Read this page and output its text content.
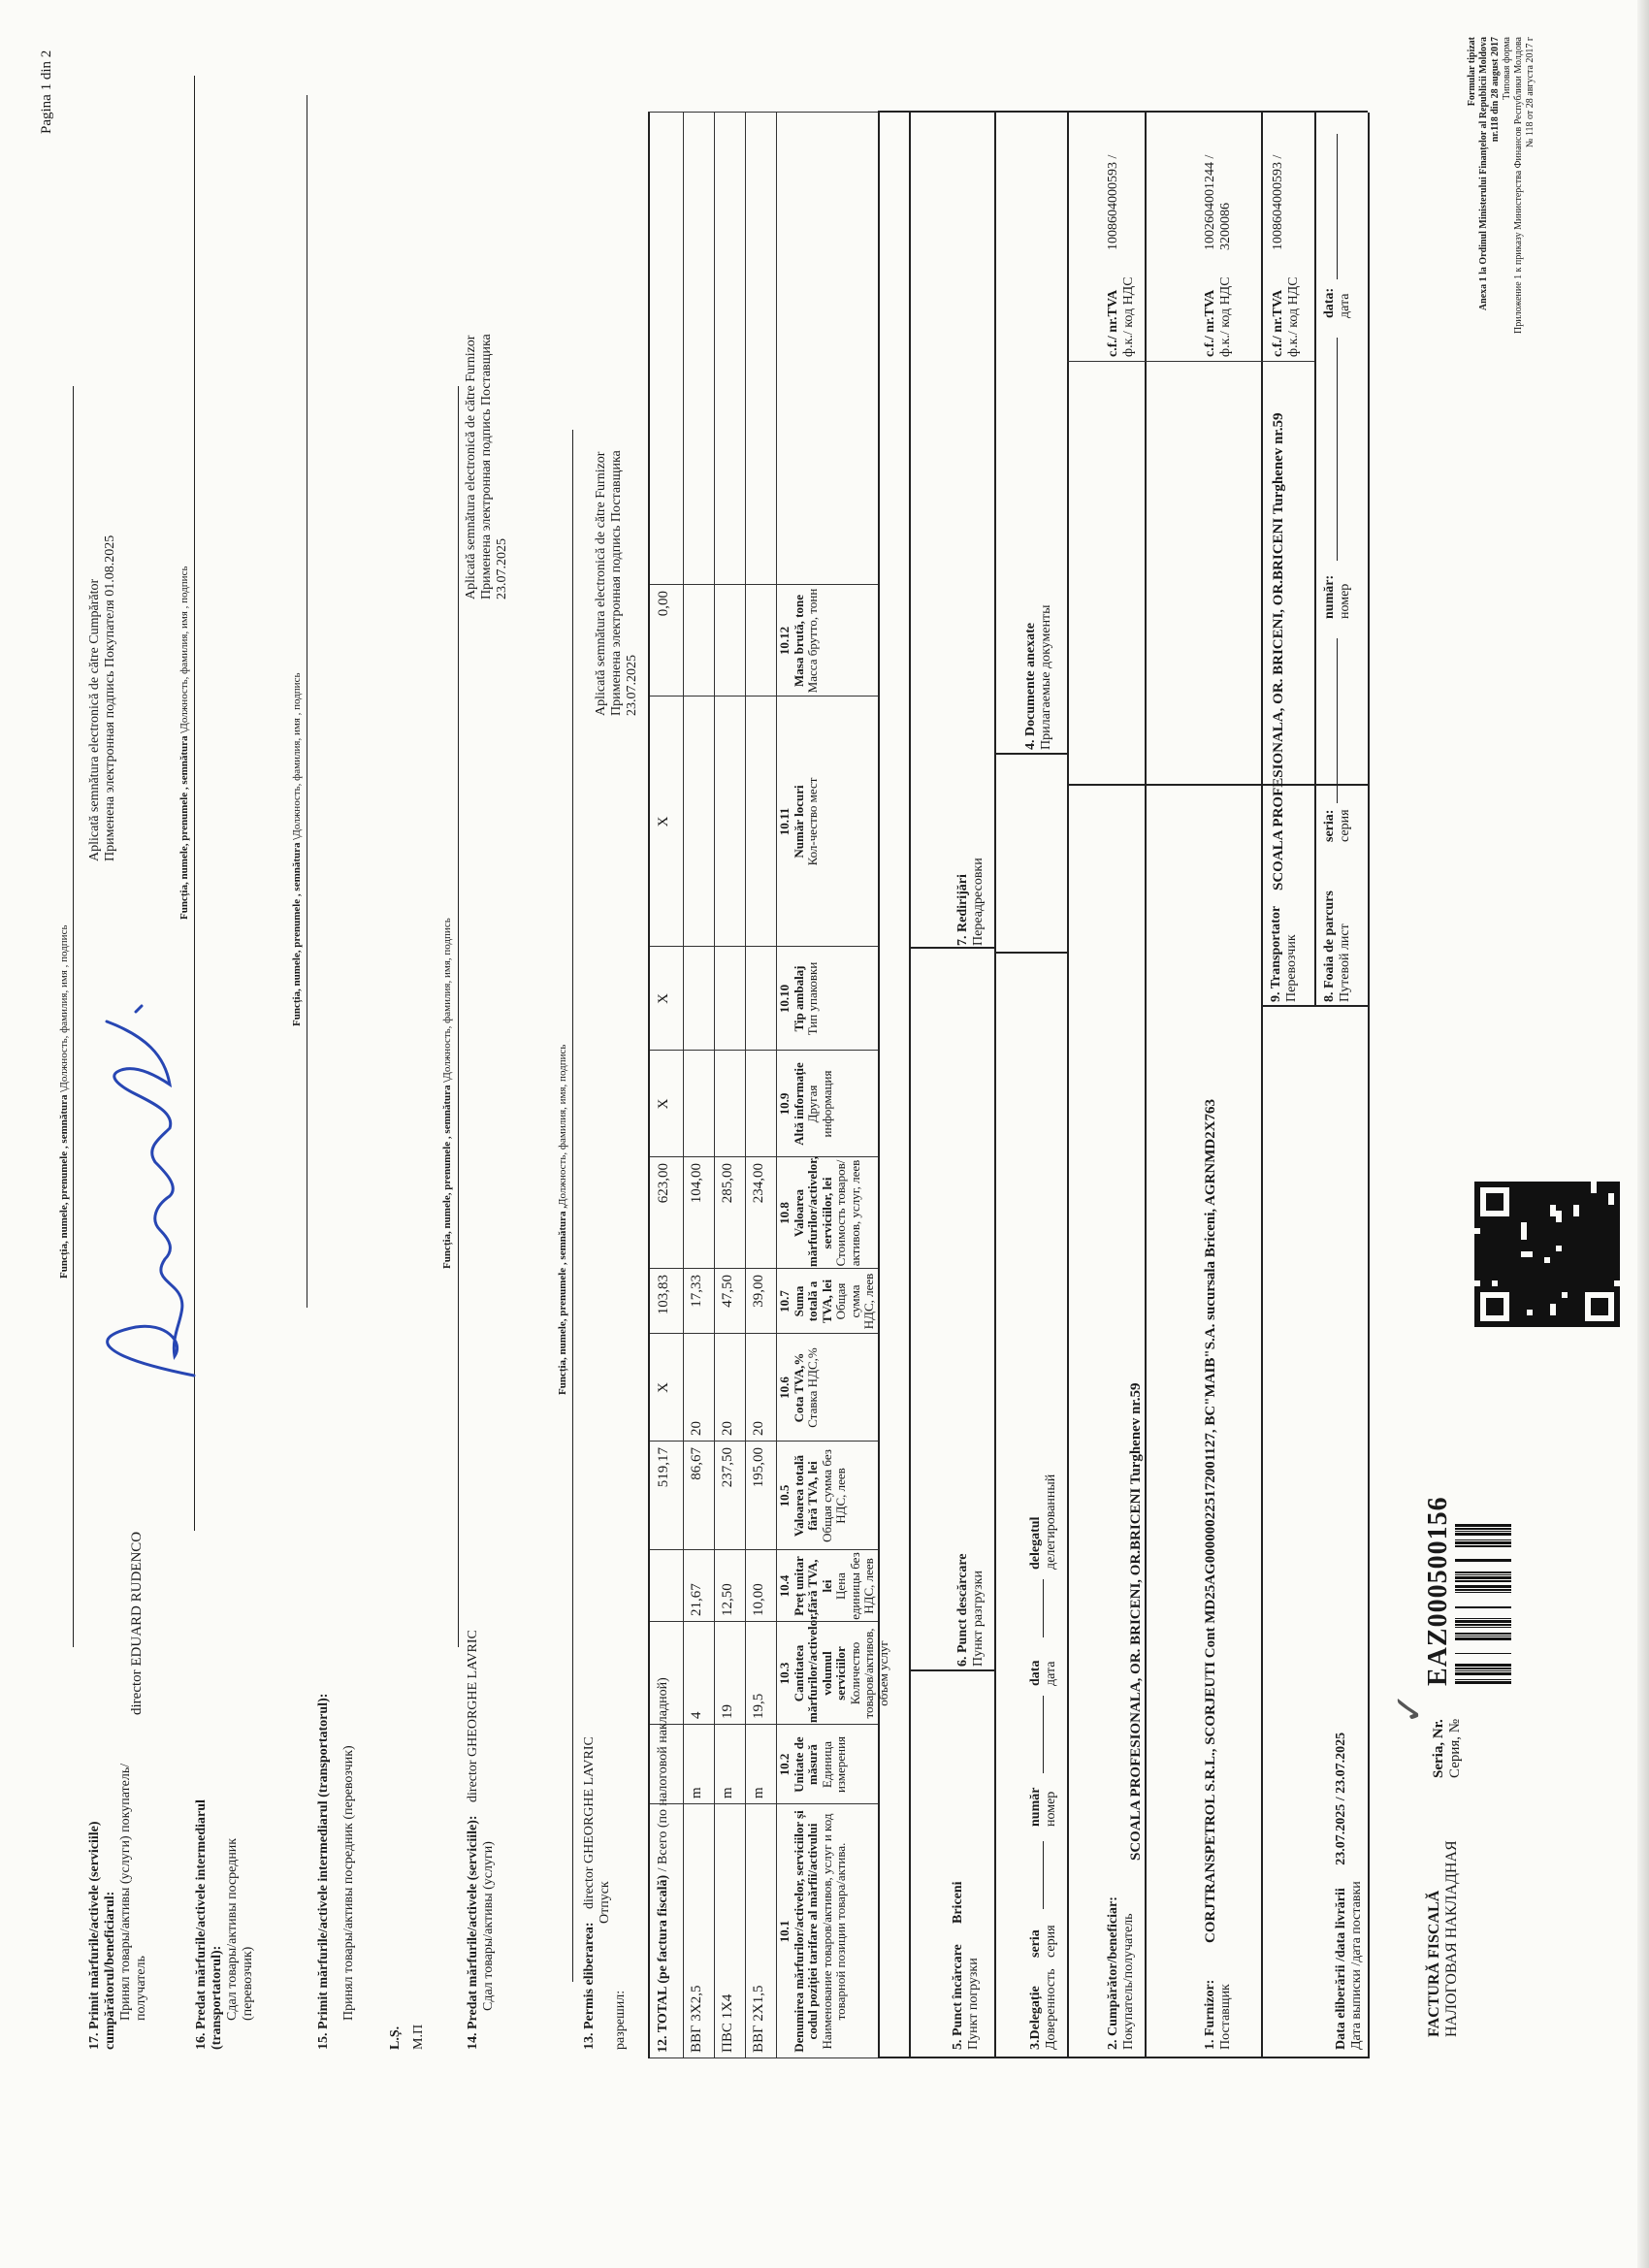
FACTURĂ FISCALĂ НАЛОГОВАЯ НАКЛАДНАЯ
Seria, Nr. Серия, №
EAZ000500156
Formular tipizat Anexa 1 la Ordinul Ministerului Finanțelor al Republicii Moldova nr.118 din 28 august 2017 Типовая форма Приложение 1 к приказу Министерства Финансов Республики Молдова № 118 от 28 августа 2017 г
✓
Data eliberării /data livrării 23.07.2025 / 23.07.2025
Дата выписки /дата поставки
8. Foaia de parcurs Путевой лист
seria: серия
număr: номер
data: дата
9. Transportator Перевозчик
SCOALA PROFESIONALA, OR. BRICENI, OR.BRICENI Turghenev nr.59
c.f./ nr.TVA ф.к./ код НДС
1008604000593 /
1. Furnizor: Поставщик
CORJTRANSPETROL S.R.L., SCORJEUTI Cont MD25AG000000225172001127, BC"MAIB"S.A. sucursala Briceni, AGRNMD2X763
c.f./ nr.TVA ф.к./ код НДС
1002604001244 / 3200086
2. Cumpărător/beneficiar: Покупатель/получатель
SCOALA PROFESIONALA, OR. BRICENI, OR.BRICENI Turghenev nr.59
c.f./ nr.TVA ф.к./ код НДС
1008604000593 /
3.Delegație Доверенность
seria серия
număr номер
data дата
delegatul делегированный
4. Documente anexate Прилагаемые документы
5. Punct încărcare Пункт погрузки
Briceni
6. Punct descărcare Пункт разгрузки
7. Redirijări Переадресовки
13. Permis eliberarea: director GHEORGHE LAVRIC Отпуск
разрешил:
Funcția, numele, prenumele , semnătura ,Должность, фамилия, имя, подпись
Aplicată semnătura electronică de către Furnizor Применена электронная подпись Поставщика 23.07.2025
14. Predat mărfurile/activele (serviciile): director GHEORGHE LAVRIC
Сдал товары/активы (услуги)
Funcția, numele, prenumele , semnătura \Должность, фамилия, имя, подпись
Aplicată semnătura electronică de către Furnizor Применена электронная подпись Поставщика 23.07.2025
L.Ș. М.П
15. Primit mărfurile/activele intermediarul (transportatorul): Принял товары/активы посредник (перевозчик)
Funcția, numele, prenumele , semnătura \Должность, фамилия, имя , подпись
16. Predat mărfurile/activele intermediarul (transportatorul): Сдал товары/активы посредник (перевозчик)
Funcția, numele, prenumele , semnătura \Должность, фамилия, имя , подпись
17. Primit mărfurile/activele (serviciile) cumpărătorul/beneficiarul: Принял товары/активы (услуги) покупатель/получатель
director EDUARD RUDENCO
Funcția, numele, prenumele , semnătura \Должность, фамилия, имя , подпись
Aplicată semnătura electronică de către Cumpărător Применена электронная подпись Покупателя 01.08.2025
Pagina 1 din 2
10.1 Denumirea mărfurilor/activelor, serviciilor și codul poziției tarifare al mărfii/activului Наименование товаров/активов, услуг и код товарной позиции товара/актива.
10.2 Unitate de măsură Единица измерения
10.3 Cantitatea mărfurilor/activelor, volumul serviciilor Количество товаров/активов, объем услуг
10.4 Preț unitar fără TVA, lei Цена единицы без НДС, леев
10.5 Valoarea totală fără TVA, lei Общая сумма без НДС, леев
10.6 Cota TVA,% Ставка НДС,%
10.7 Suma totală a TVA, lei Общая сумма НДС, леев
10.8 Valoarea mărfurilor/activelor, serviciilor, lei Стоимость товаров/активов, услуг, леев
10.9 Altă informație Другая информация
10.10 Tip ambalaj Тип упаковки
10.11 Număr locuri Кол-чество мест
10.12 Masa brută, tone Масса брутто, тонн
ВВГ 2Х1,5
m
19,5
10,00
195,00
20
39,00
234,00
ПВС 1Х4
m
19
12,50
237,50
20
47,50
285,00
ВВГ 3Х2,5
m
4
21,67
86,67
20
17,33
104,00
12. TOTAL (pe factura fiscală) / Всего (по налоговой накладной)
519,17
X
103,83
623,00
X
X
X
0,00
